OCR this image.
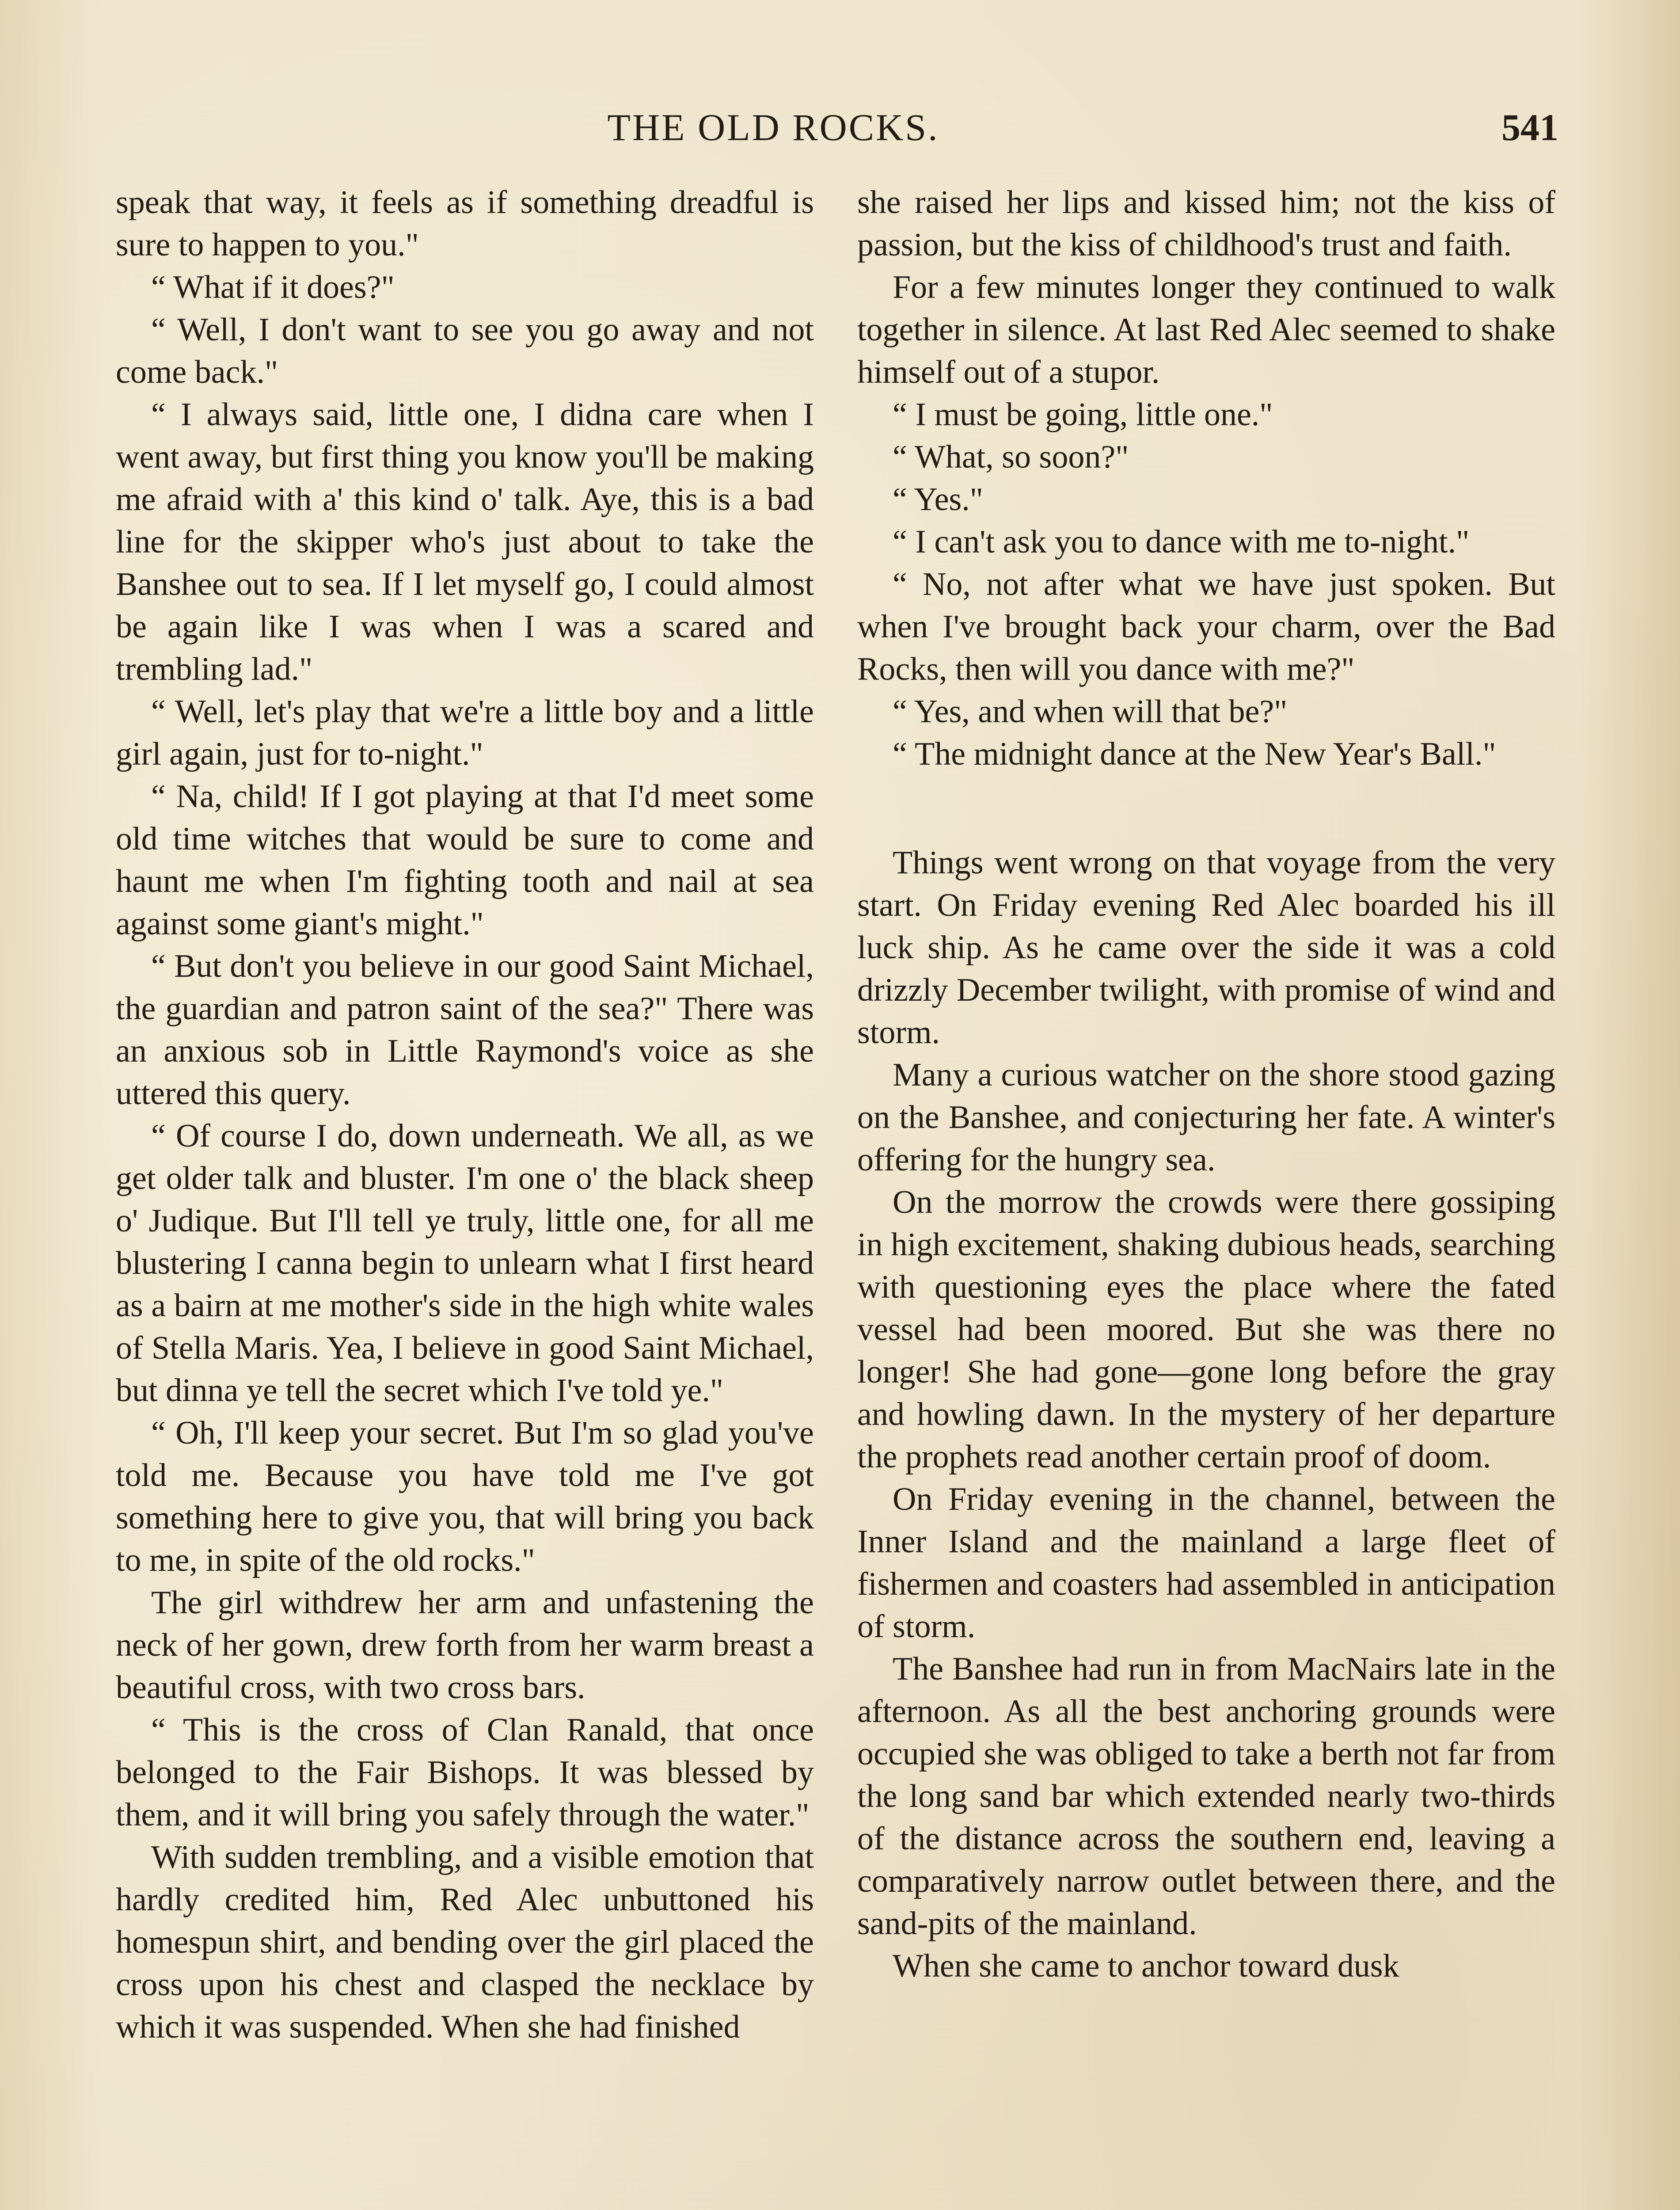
THE OLD ROCKS.	541

speak that way, it feels as if something dreadful is sure to happen to you."

“ What if it does?"

“ Well, I don't want to see you go away and not come back."

“ I always said, little one, I didna care when I went away, but first thing you know you'll be making me afraid with a' this kind o' talk. Aye, this is a bad line for the skipper who's just about to take the Banshee out to sea. If I let myself go, I could almost be again like I was when I was a scared and trembling lad."

“ Well, let's play that we're a little boy and a little girl again, just for to-night."

“ Na, child! If I got playing at that I'd meet some old time witches that would be sure to come and haunt me when I'm fighting tooth and nail at sea against some giant's might."

“ But don't you believe in our good Saint Michael, the guardian and patron saint of the sea?" There was an anxious sob in Little Raymond's voice as she uttered this query.

“ Of course I do, down underneath. We all, as we get older talk and bluster. I'm one o' the black sheep o' Judique. But I'll tell ye truly, little one, for all me blustering I canna begin to unlearn what I first heard as a bairn at me mother's side in the high white wales of Stella Maris. Yea, I believe in good Saint Michael, but dinna ye tell the secret which I've told ye."

“ Oh, I'll keep your secret. But I'm so glad you've told me. Because you have told me I've got something here to give you, that will bring you back to me, in spite of the old rocks."

The girl withdrew her arm and unfastening the neck of her gown, drew forth from her warm breast a beautiful cross, with two cross bars.

“ This is the cross of Clan Ranald, that once belonged to the Fair Bishops. It was blessed by them, and it will bring you safely through the water."

With sudden trembling, and a visible emotion that hardly credited him, Red Alec unbuttoned his homespun shirt, and bending over the girl placed the cross upon his chest and clasped the necklace by which it was suspended. When she had finished

she raised her lips and kissed him; not the kiss of passion, but the kiss of childhood's trust and faith.

For a few minutes longer they continued to walk together in silence. At last Red Alec seemed to shake himself out of a stupor.

“ I must be going, little one."

“ What, so soon?"

“ Yes."

“ I can't ask you to dance with me to-night."

“ No, not after what we have just spoken. But when I've brought back your charm, over the Bad Rocks, then will you dance with me?"

“ Yes, and when will that be?"

“ The midnight dance at the New Year's Ball."

Things went wrong on that voyage from the very start. On Friday evening Red Alec boarded his ill luck ship. As he came over the side it was a cold drizzly December twilight, with promise of wind and storm.

Many a curious watcher on the shore stood gazing on the Banshee, and conjecturing her fate. A winter's offering for the hungry sea.

On the morrow the crowds were there gossiping in high excitement, shaking dubious heads, searching with questioning eyes the place where the fated vessel had been moored. But she was there no longer! She had gone—gone long before the gray and howling dawn. In the mystery of her departure the prophets read another certain proof of doom.

On Friday evening in the channel, between the Inner Island and the mainland a large fleet of fishermen and coasters had assembled in anticipation of storm.

The Banshee had run in from MacNairs late in the afternoon. As all the best anchoring grounds were occupied she was obliged to take a berth not far from the long sand bar which extended nearly two-thirds of the distance across the southern end, leaving a comparatively narrow outlet between there, and the sand-pits of the mainland.

When she came to anchor toward dusk
